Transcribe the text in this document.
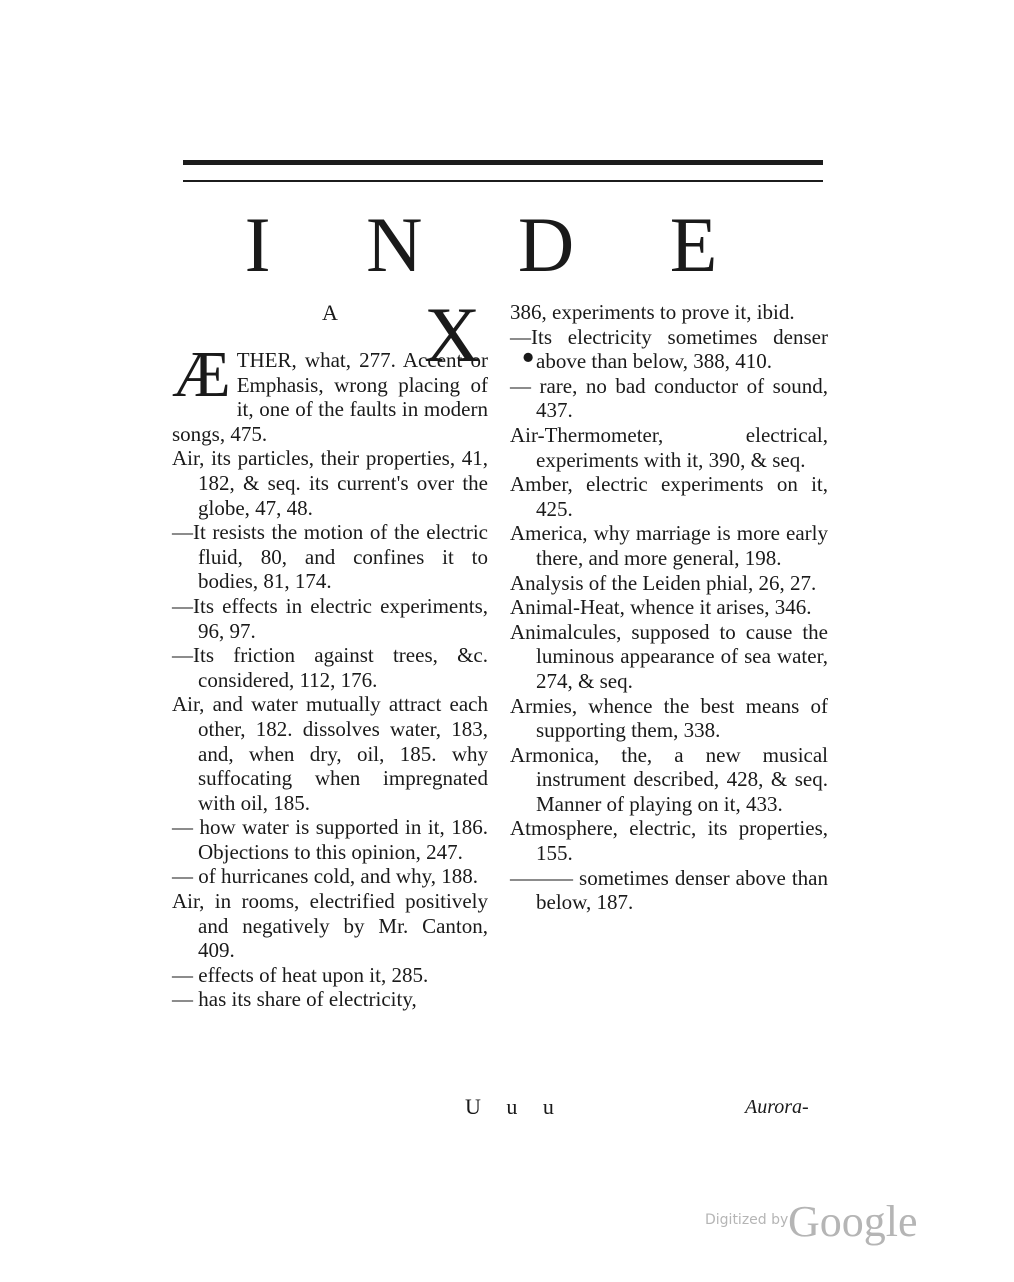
I N D E X.
A

ÆTHER, what, 277. Accent or Emphasis, wrong placing of it, one of the faults in modern songs, 475.

Air, its particles, their properties, 41, 182, & seq. its current's over the globe, 47, 48.

—It resists the motion of the electric fluid, 80, and confines it to bodies, 81, 174.

—Its effects in electric experiments, 96, 97.

—Its friction against trees, &c. considered, 112, 176.

Air, and water mutually attract each other, 182. dissolves water, 183, and, when dry, oil, 185. why suffocating when impregnated with oil, 185.

— how water is supported in it, 186. Objections to this opinion, 247.

— of hurricanes cold, and why, 188.

Air, in rooms, electrified positively and negatively by Mr. Canton, 409.

— effects of heat upon it, 285.

— has its share of electricity,

386, experiments to prove it, ibid.

—Its electricity sometimes denser above than below, 388, 410.

— rare, no bad conductor of sound, 437.

Air-Thermometer, electrical, experiments with it, 390, & seq.

Amber, electric experiments on it, 425.

America, why marriage is more early there, and more general, 198.

Analysis of the Leiden phial, 26, 27.

Animal-Heat, whence it arises, 346.

Animalcules, supposed to cause the luminous appearance of sea water, 274, & seq.

Armies, whence the best means of supporting them, 338.

Armonica, the, a new musical instrument described, 428, & seq. Manner of playing on it, 433.

Atmosphere, electric, its properties, 155.

——— sometimes denser above than below, 187.

U u u	Aurora-
Digitized by Google
